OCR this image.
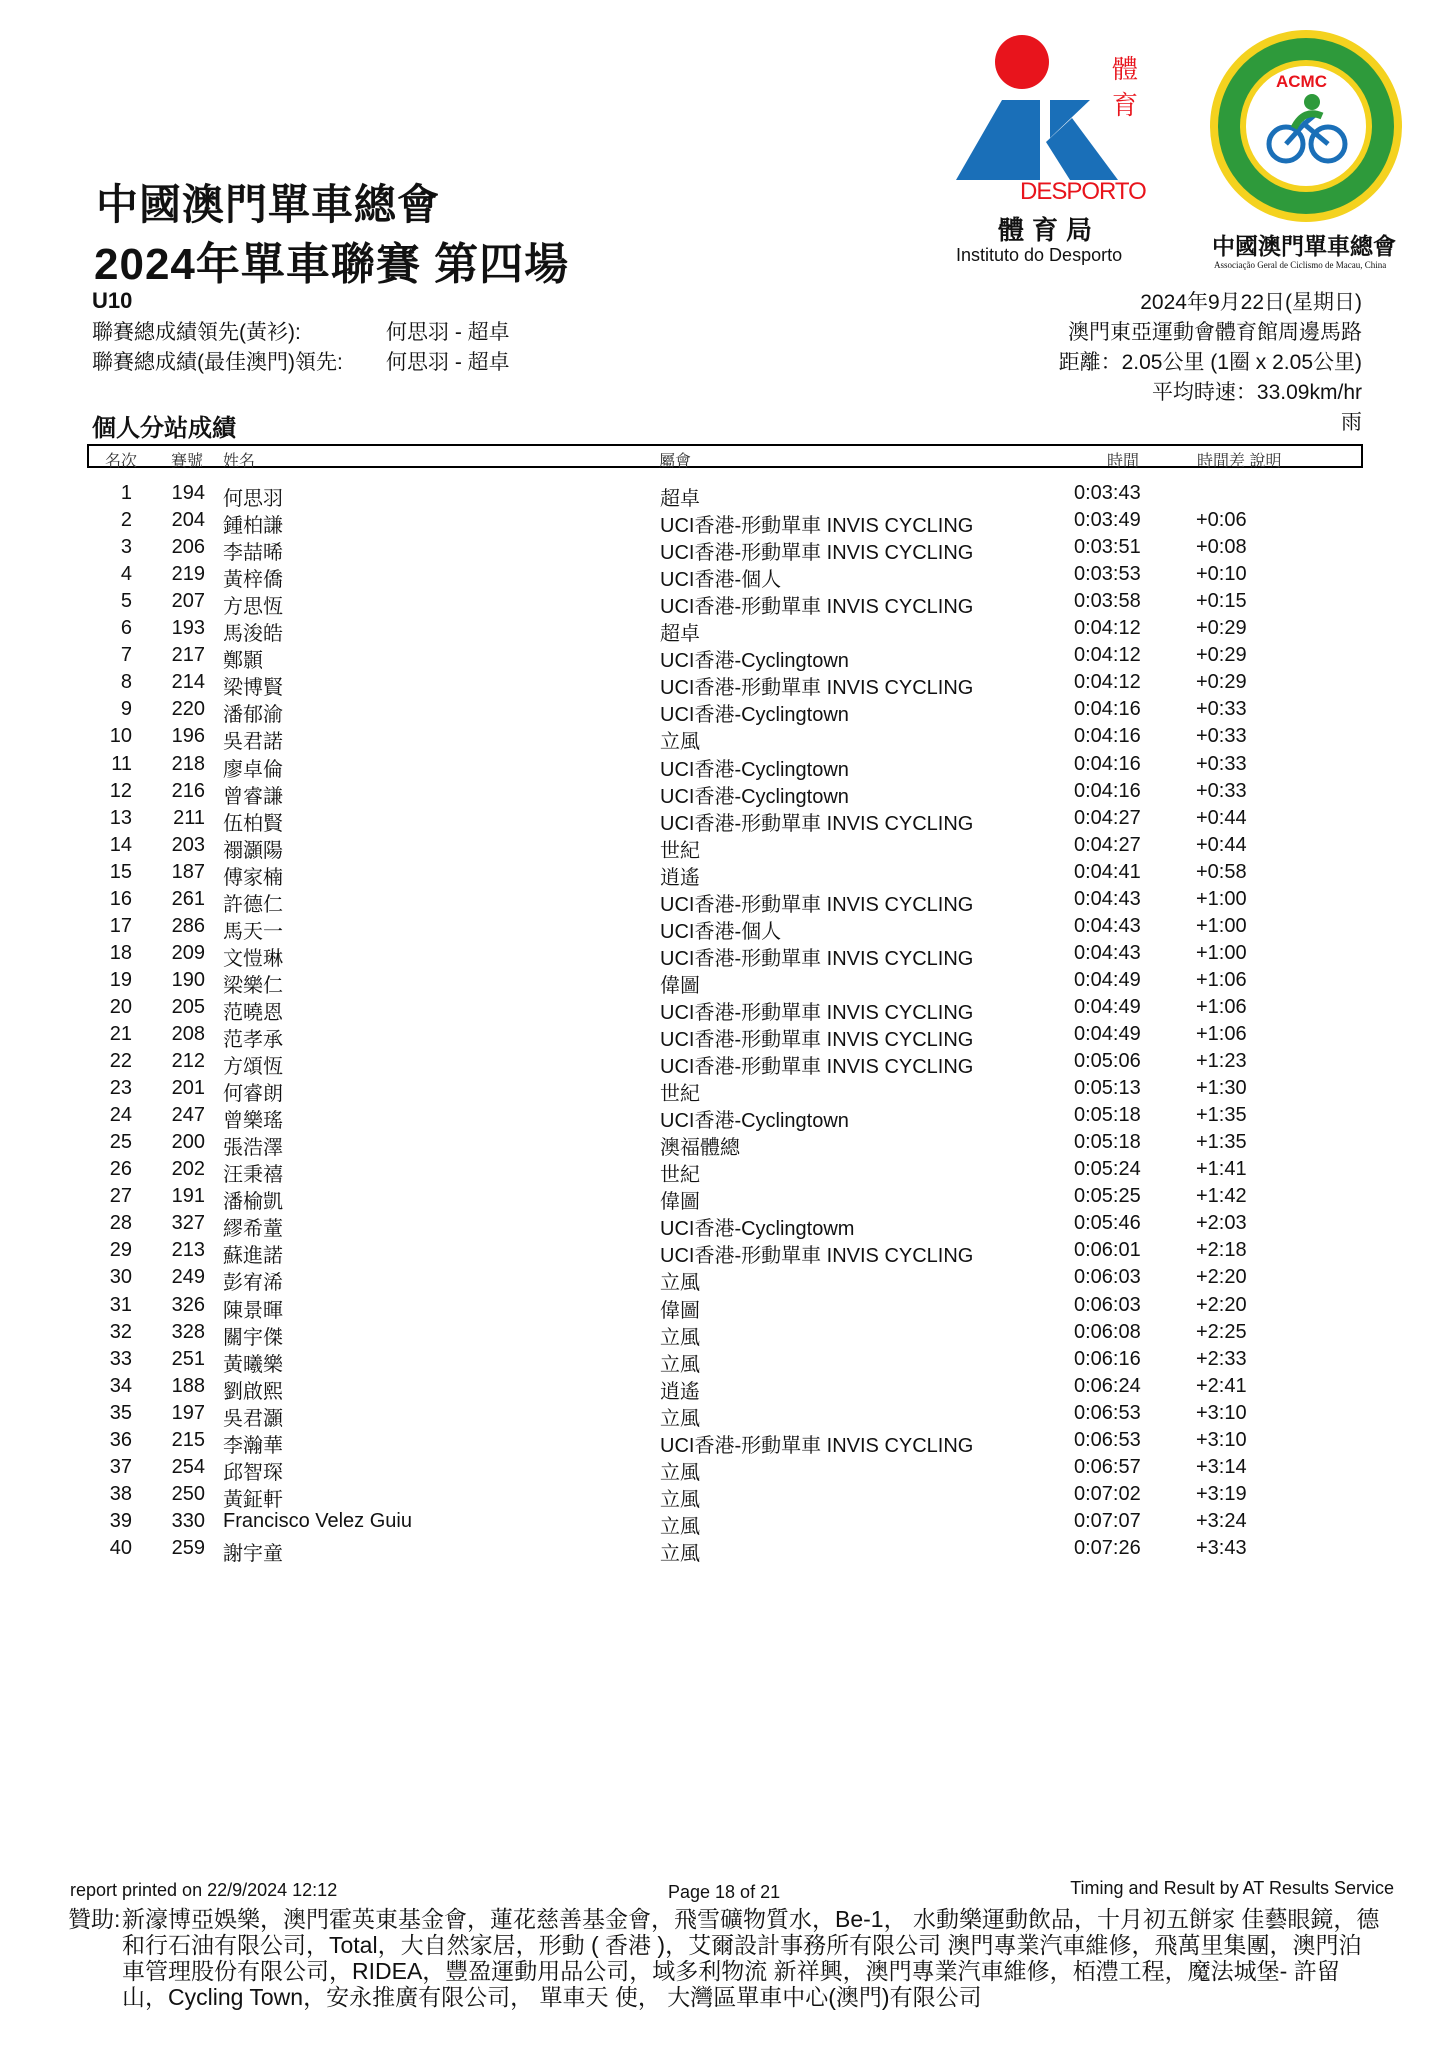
體育
DESPORTO
體育局
Instituto do Desporto
ACMC
中國澳門單車總會
Associação Geral de Ciclismo de Macau, China
中國澳門單車總會
2024年單車聯賽 第四場
U10
聯賽總成績領先(黃衫):	何思羽 - 超卓
聯賽總成績(最佳澳門)領先: 何思羽 - 超卓
2024年9月22日(星期日)
澳門東亞運動會體育館周邊馬路
距離：2.05公里 (1圈 x 2.05公里)
平均時速：33.09km/hr
雨
個人分站成績
名次 賽號 姓名	屬會	時間	時間差 說明
1	194 何思羽	超卓	0:03:43
2	204 鍾柏謙	UCI香港-形動單車 INVIS CYCLING	0:03:49	+0:06
3	206 李喆晞	UCI香港-形動單車 INVIS CYCLING	0:03:51	+0:08
4	219 黃梓僑	UCI香港-個人	0:03:53	+0:10
5	207 方思恆	UCI香港-形動單車 INVIS CYCLING	0:03:58	+0:15
6	193 馬浚皓	超卓	0:04:12	+0:29
7	217 鄭顥	UCI香港-Cyclingtown	0:04:12	+0:29
8	214 梁博賢	UCI香港-形動單車 INVIS CYCLING	0:04:12	+0:29
9	220 潘郁渝	UCI香港-Cyclingtown	0:04:16	+0:33
10	196 吳君諾	立風	0:04:16	+0:33
11	218 廖卓倫	UCI香港-Cyclingtown	0:04:16	+0:33
12	216 曾睿謙	UCI香港-Cyclingtown	0:04:16	+0:33
13	211 伍柏賢	UCI香港-形動單車 INVIS CYCLING	0:04:27	+0:44
14	203 禤灝陽	世紀	0:04:27	+0:44
15	187 傅家楠	逍遙	0:04:41	+0:58
16	261 許德仁	UCI香港-形動單車 INVIS CYCLING	0:04:43	+1:00
17	286 馬天一	UCI香港-個人	0:04:43	+1:00
18	209 文愷琳	UCI香港-形動單車 INVIS CYCLING	0:04:43	+1:00
19	190 梁樂仁	偉圖	0:04:49	+1:06
20	205 范曉恩	UCI香港-形動單車 INVIS CYCLING	0:04:49	+1:06
21	208 范孝承	UCI香港-形動單車 INVIS CYCLING	0:04:49	+1:06
22	212 方頌恆	UCI香港-形動單車 INVIS CYCLING	0:05:06	+1:23
23	201 何睿朗	世紀	0:05:13	+1:30
24	247 曾樂瑤	UCI香港-Cyclingtown	0:05:18	+1:35
25	200 張浩澤	澳福體總	0:05:18	+1:35
26	202 汪秉禧	世紀	0:05:24	+1:41
27	191 潘榆凱	偉圖	0:05:25	+1:42
28	327 繆希蕫	UCI香港-Cyclingtowm	0:05:46	+2:03
29	213 蘇進諾	UCI香港-形動單車 INVIS CYCLING	0:06:01	+2:18
30	249 彭宥浠	立風	0:06:03	+2:20
31	326 陳景暉	偉圖	0:06:03	+2:20
32	328 關宇傑	立風	0:06:08	+2:25
33	251 黃曦樂	立風	0:06:16	+2:33
34	188 劉啟熙	逍遙	0:06:24	+2:41
35	197 吳君灝	立風	0:06:53	+3:10
36	215 李瀚華	UCI香港-形動單車 INVIS CYCLING	0:06:53	+3:10
37	254 邱智琛	立風	0:06:57	+3:14
38	250 黃鉦軒	立風	0:07:02	+3:19
39	330 Francisco Velez Guiu	立風	0:07:07	+3:24
40	259 謝宇童	立風	0:07:26	+3:43
report printed on 22/9/2024 12:12	Page 18 of 21	Timing and Result by AT Results Service
贊助: 新濠博亞娛樂，澳門霍英東基金會，蓮花慈善基金會，飛雪礦物質水，Be-1， 水動樂運動飲品，十月初五餅家 佳藝眼鏡，德和行石油有限公司，Total，大自然家居，形動 ( 香港 )，艾爾設計事務所有限公司 澳門專業汽車維修，飛萬里集團，澳門泊車管理股份有限公司，RIDEA，豐盈運動用品公司，域多利物流 新祥興，澳門專業汽車維修，栢澧工程，魔法城堡- 許留山，Cycling Town，安永推廣有限公司， 單車天 使， 大灣區單車中心(澳門)有限公司
